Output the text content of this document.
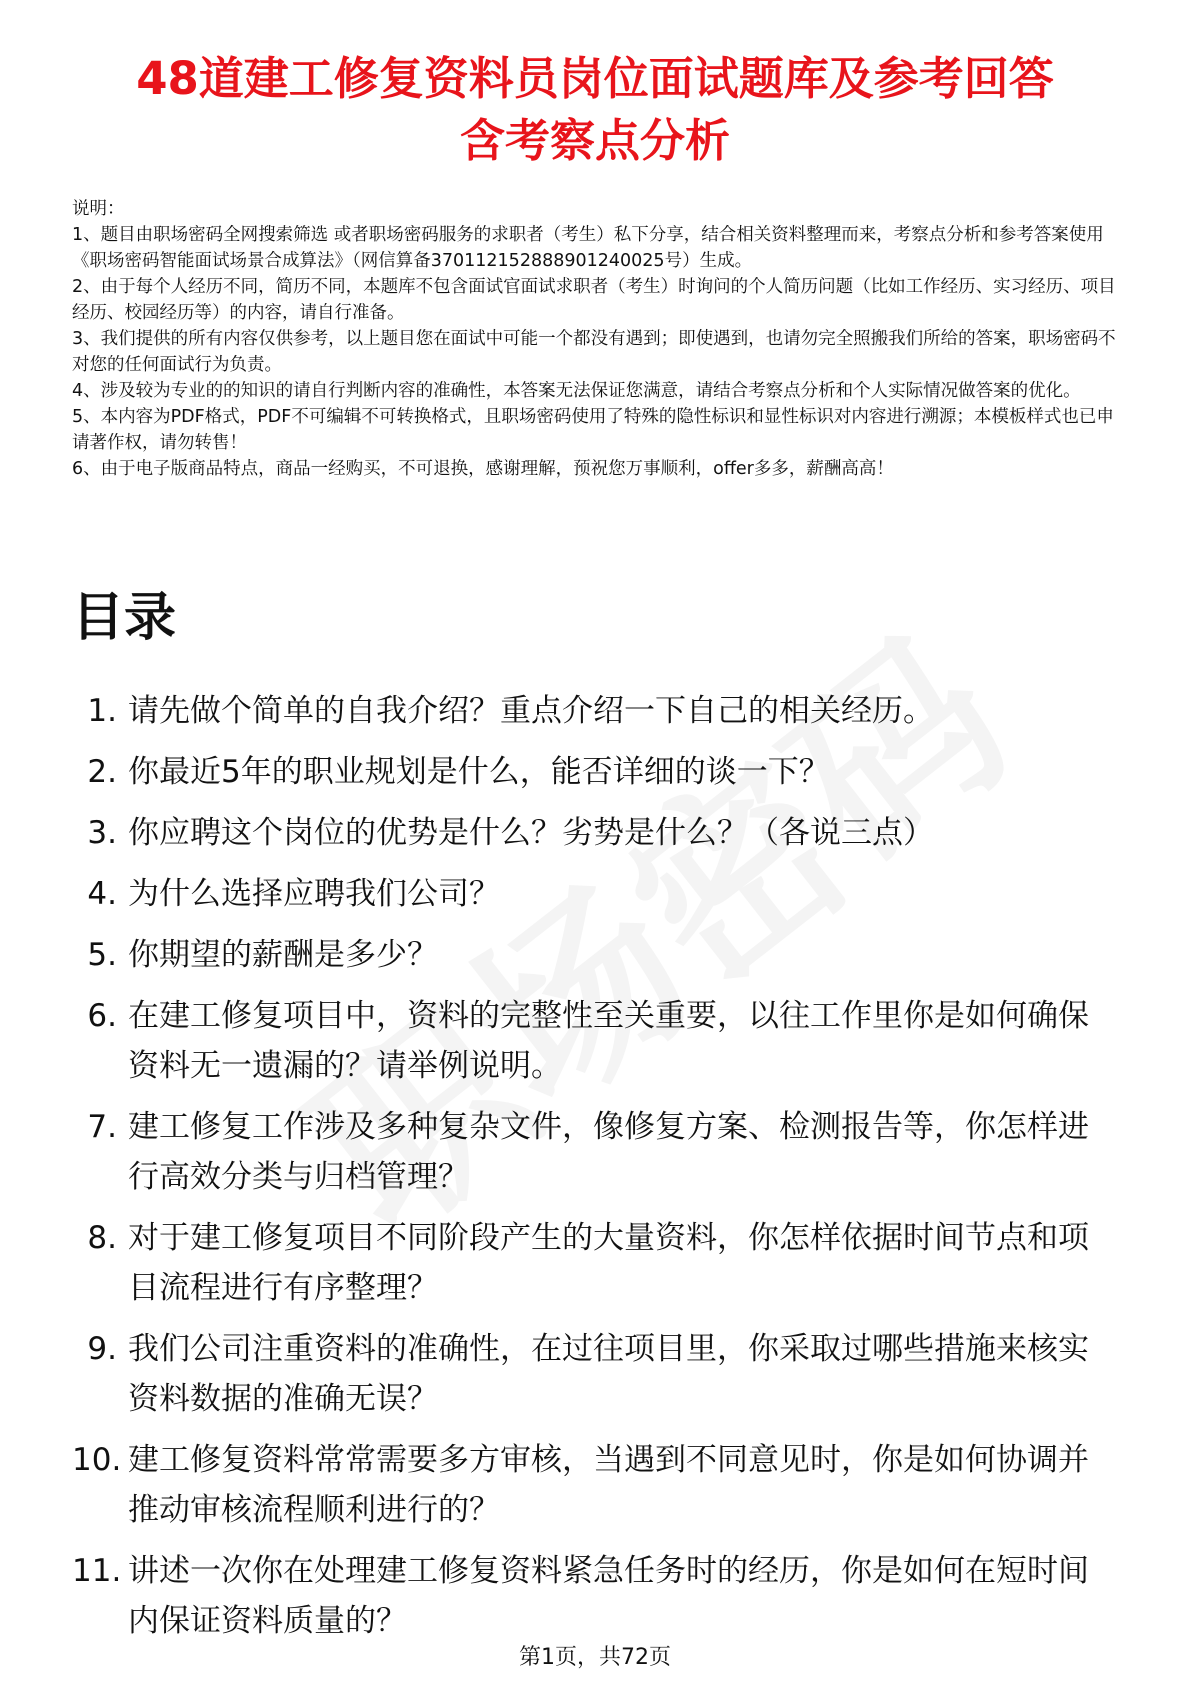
48道建工修复资料员岗位面试题库及参考回答
含考察点分析

说明：

1、题目由职场密码全网搜索筛选 或者职场密码服务的求职者（考生）私下分享，结合相关资料整理而来，考察点分析和参考答案使用《职场密码智能面试场景合成算法》（网信算备370112152888901240025号）生成。

2、由于每个人经历不同，简历不同，本题库不包含面试官面试求职者（考生）时询问的个人简历问题（比如工作经历、实习经历、项目经历、校园经历等）的内容，请自行准备。

3、我们提供的所有内容仅供参考，以上题目您在面试中可能一个都没有遇到；即使遇到，也请勿完全照搬我们所给的答案，职场密码不对您的任何面试行为负责。

4、涉及较为专业的的知识的请自行判断内容的准确性，本答案无法保证您满意，请结合考察点分析和个人实际情况做答案的优化。

5、本内容为PDF格式，PDF不可编辑不可转换格式，且职场密码使用了特殊的隐性标识和显性标识对内容进行溯源；本模板样式也已申请著作权，请勿转售！

6、由于电子版商品特点，商品一经购买，不可退换，感谢理解，预祝您万事顺利，offer多多，薪酬高高！

目录
1. 请先做个简单的自我介绍？重点介绍一下自己的相关经历。
2. 你最近5年的职业规划是什么，能否详细的谈一下？
3. 你应聘这个岗位的优势是什么？劣势是什么？（各说三点）
4. 为什么选择应聘我们公司？
5. 你期望的薪酬是多少？
6. 在建工修复项目中，资料的完整性至关重要，以往工作里你是如何确保资料无一遗漏的？请举例说明。
7. 建工修复工作涉及多种复杂文件，像修复方案、检测报告等，你怎样进行高效分类与归档管理？
8. 对于建工修复项目不同阶段产生的大量资料，你怎样依据时间节点和项目流程进行有序整理？
9. 我们公司注重资料的准确性，在过往项目里，你采取过哪些措施来核实资料数据的准确无误？
10. 建工修复资料常常需要多方审核，当遇到不同意见时，你是如何协调并推动审核流程顺利进行的？
11. 讲述一次你在处理建工修复资料紧急任务时的经历，你是如何在短时间内保证资料质量的？
第1页，共72页
